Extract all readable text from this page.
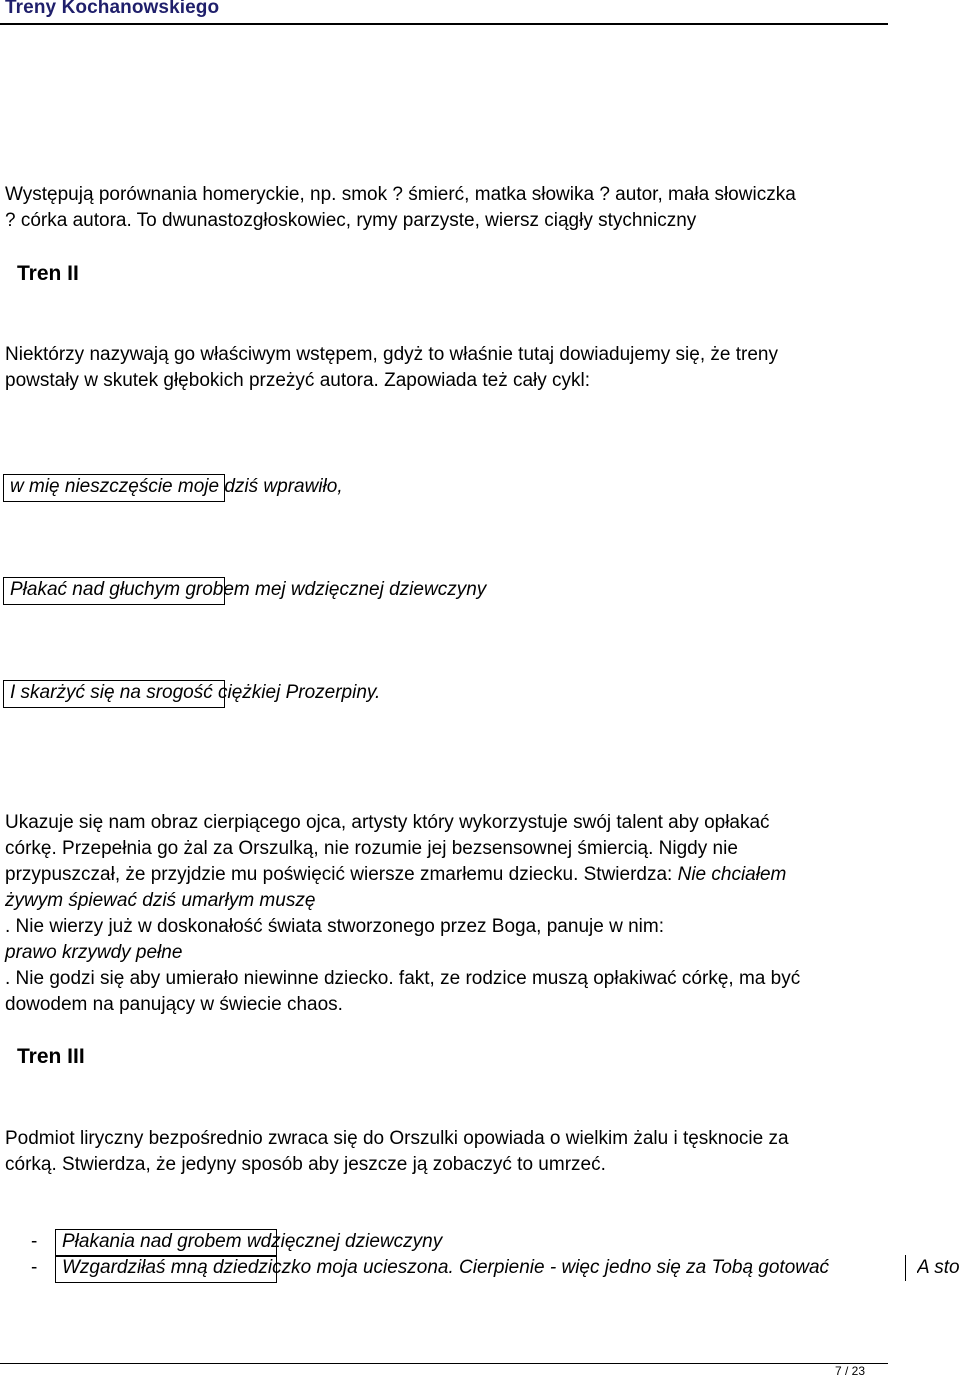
Treny Kochanowskiego
Występują porównania homeryckie, np. smok ? śmierć, matka słowika ? autor, mała słowiczka
? córka autora. To dwunastozgłoskowiec, rymy parzyste, wiersz ciągły stychniczny
Tren II
Niektórzy nazywają go właściwym wstępem, gdyż to właśnie tutaj dowiadujemy się, że treny
powstały w skutek głębokich przeżyć autora. Zapowiada też cały cykl:
w mię nieszczęście moje dziś wprawiło,
Płakać nad głuchym grobem mej wdzięcznej dziewczyny
I skarżyć się na srogość ciężkiej Prozerpiny.
Ukazuje się nam obraz cierpiącego ojca, artysty który wykorzystuje swój talent aby opłakać
córkę. Przepełnia go żal za Orszulką, nie rozumie jej bezsensownej śmiercią. Nigdy nie
przypuszczał, że przyjdzie mu poświęcić wiersze zmarłemu dziecku. Stwierdza: Nie chciałem
żywym śpiewać dziś umarłym muszę
. Nie wierzy już w doskonałość świata stworzonego przez Boga, panuje w nim:
prawo krzywdy pełne
. Nie godzi się aby umierało niewinne dziecko. fakt, ze rodzice muszą opłakiwać córkę, ma być
dowodem na panujący w świecie chaos.
Tren III
Podmiot liryczny bezpośrednio zwraca się do Orszulki opowiada o wielkim żalu i tęsknocie za
córką. Stwierdza, że jedyny sposób aby jeszcze ją zobaczyć to umrzeć.
- Płakania nad grobem wdzięcznej dziewczyny
- Wzgardziłaś mną dziedziczko moja ucieszona. Cierpienie - więc jedno się za Tobą gotować	A sto
7 / 23
